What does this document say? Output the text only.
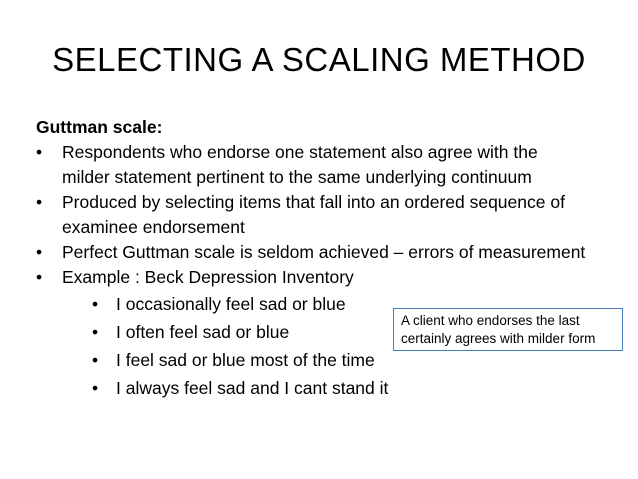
SELECTING A SCALING METHOD
Guttman scale:
• Respondents who endorse one statement also agree with the
milder statement pertinent to the same underlying continuum
• Produced by selecting items that fall into an ordered sequence of
examinee endorsement
• Perfect Guttman scale is seldom achieved – errors of measurement
• Example : Beck Depression Inventory
• I occasionally feel sad or blue
• I often feel sad or blue
• I feel sad or blue most of the time
• I always feel sad and I cant stand it
A client who endorses the last
certainly agrees with milder form
